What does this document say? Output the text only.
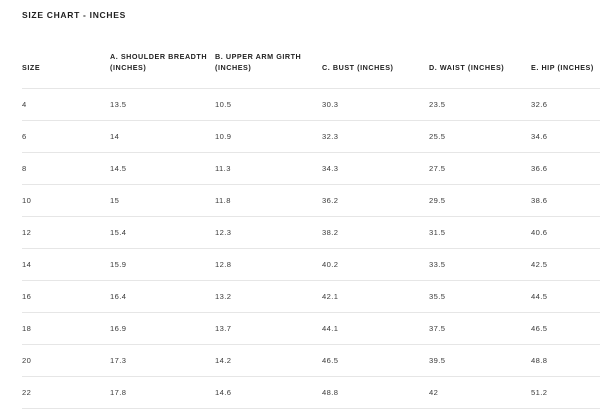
SIZE CHART - INCHES
SIZE	A. SHOULDER BREADTH (INCHES)	B. UPPER ARM GIRTH (INCHES)	C. BUST (INCHES)	D. WAIST (INCHES)	E. HIP (INCHES)
4	13.5	10.5	30.3	23.5	32.6
6	14	10.9	32.3	25.5	34.6
8	14.5	11.3	34.3	27.5	36.6
10	15	11.8	36.2	29.5	38.6
12	15.4	12.3	38.2	31.5	40.6
14	15.9	12.8	40.2	33.5	42.5
16	16.4	13.2	42.1	35.5	44.5
18	16.9	13.7	44.1	37.5	46.5
20	17.3	14.2	46.5	39.5	48.8
22	17.8	14.6	48.8	42	51.2
